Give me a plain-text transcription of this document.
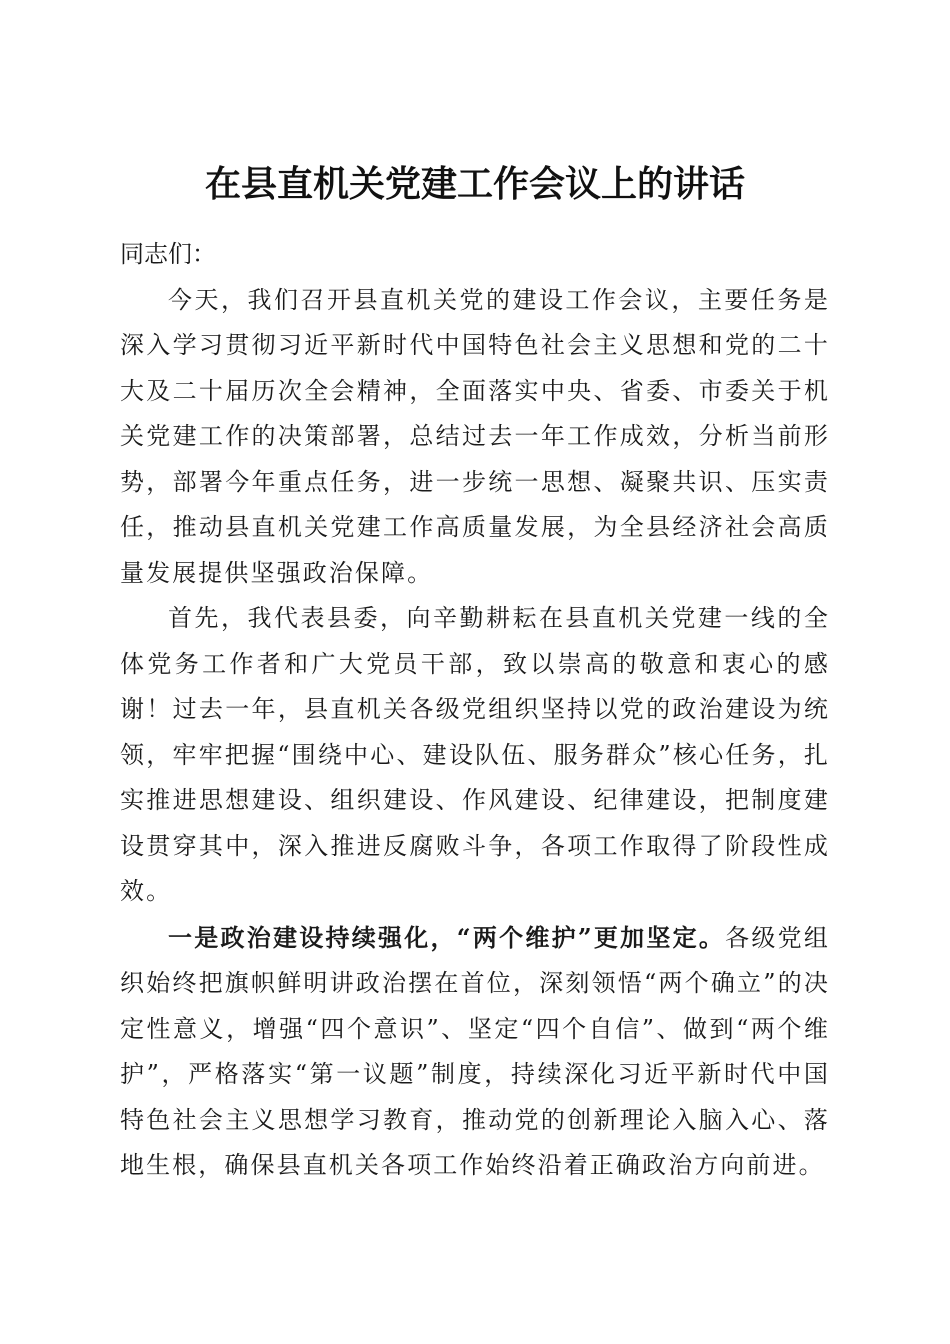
在县直机关党建工作会议上的讲话

同志们：

今天，我们召开县直机关党的建设工作会议，主要任务是深入学习贯彻习近平新时代中国特色社会主义思想和党的二十大及二十届历次全会精神，全面落实中央、省委、市委关于机关党建工作的决策部署，总结过去一年工作成效，分析当前形势，部署今年重点任务，进一步统一思想、凝聚共识、压实责任，推动县直机关党建工作高质量发展，为全县经济社会高质量发展提供坚强政治保障。

首先，我代表县委，向辛勤耕耘在县直机关党建一线的全体党务工作者和广大党员干部，致以崇高的敬意和衷心的感谢！过去一年，县直机关各级党组织坚持以党的政治建设为统领，牢牢把握“围绕中心、建设队伍、服务群众”核心任务，扎实推进思想建设、组织建设、作风建设、纪律建设，把制度建设贯穿其中，深入推进反腐败斗争，各项工作取得了阶段性成效。

一是政治建设持续强化，“两个维护”更加坚定。各级党组织始终把旗帜鲜明讲政治摆在首位，深刻领悟“两个确立”的决定性意义，增强“四个意识”、坚定“四个自信”、做到“两个维护”，严格落实“第一议题”制度，持续深化习近平新时代中国特色社会主义思想学习教育，推动党的创新理论入脑入心、落地生根，确保县直机关各项工作始终沿着正确政治方向前进。
